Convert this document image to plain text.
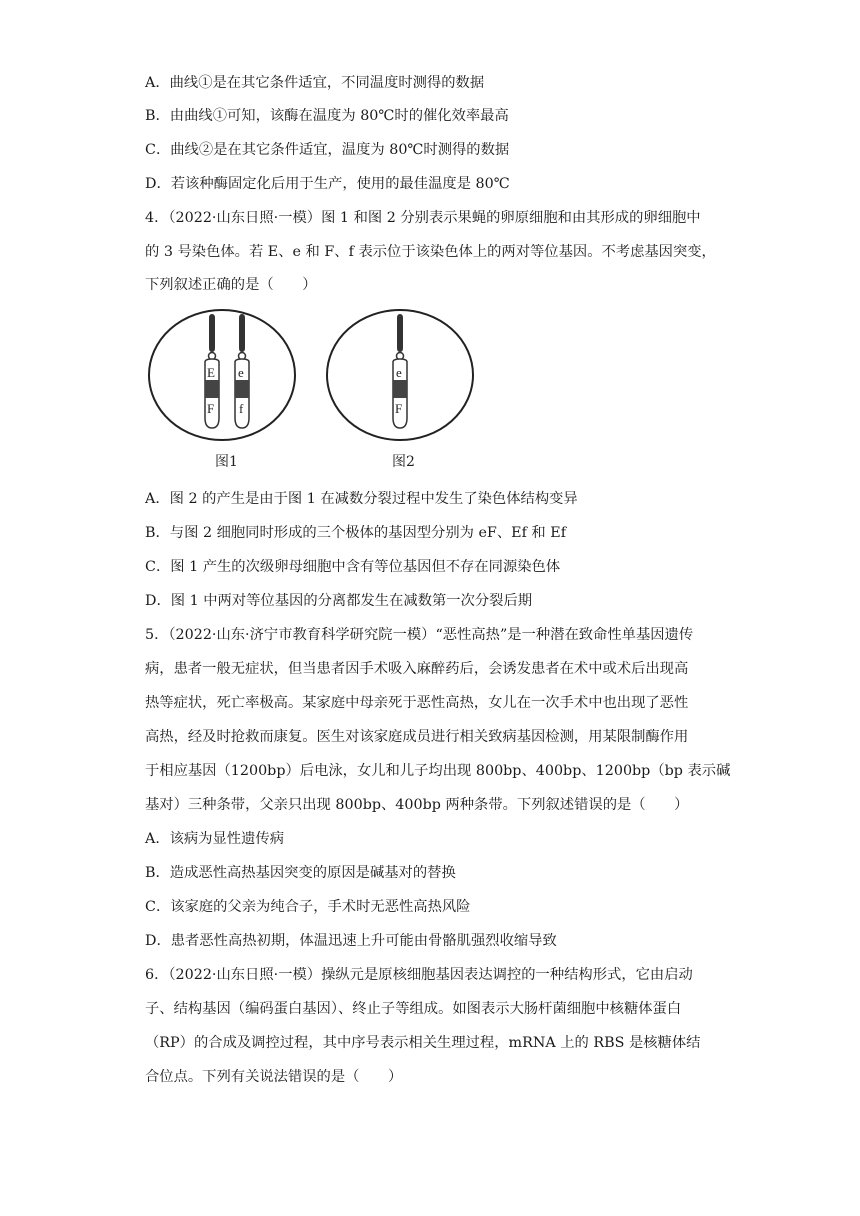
A．曲线①是在其它条件适宜，不同温度时测得的数据
B．由曲线①可知，该酶在温度为 80℃时的催化效率最高
C．曲线②是在其它条件适宜，温度为 80℃时测得的数据
D．若该种酶固定化后用于生产，使用的最佳温度是 80℃
4．（2022·山东日照·一模）图 1 和图 2 分别表示果蝇的卵原细胞和由其形成的卵细胞中
的 3 号染色体。若 E、e 和 F、f 表示位于该染色体上的两对等位基因。不考虑基因突变，
下列叙述正确的是（　　）
E
F
e
f
图1
e
F
图2
A．图 2 的产生是由于图 1 在减数分裂过程中发生了染色体结构变异
B．与图 2 细胞同时形成的三个极体的基因型分别为 eF、Ef 和 Ef
C．图 1 产生的次级卵母细胞中含有等位基因但不存在同源染色体
D．图 1 中两对等位基因的分离都发生在减数第一次分裂后期
5．（2022·山东·济宁市教育科学研究院一模）“恶性高热”是一种潜在致命性单基因遗传
病，患者一般无症状，但当患者因手术吸入麻醉药后，会诱发患者在术中或术后出现高
热等症状，死亡率极高。某家庭中母亲死于恶性高热，女儿在一次手术中也出现了恶性
高热，经及时抢救而康复。医生对该家庭成员进行相关致病基因检测，用某限制酶作用
于相应基因（1200bp）后电泳，女儿和儿子均出现 800bp、400bp、1200bp（bp 表示碱
基对）三种条带，父亲只出现 800bp、400bp 两种条带。下列叙述错误的是（　　）
A．该病为显性遗传病
B．造成恶性高热基因突变的原因是碱基对的替换
C．该家庭的父亲为纯合子，手术时无恶性高热风险
D．患者恶性高热初期，体温迅速上升可能由骨骼肌强烈收缩导致
6．（2022·山东日照·一模）操纵元是原核细胞基因表达调控的一种结构形式，它由启动
子、结构基因（编码蛋白基因）、终止子等组成。如图表示大肠杆菌细胞中核糖体蛋白
（RP）的合成及调控过程，其中序号表示相关生理过程，mRNA 上的 RBS 是核糖体结
合位点。下列有关说法错误的是（　　）
